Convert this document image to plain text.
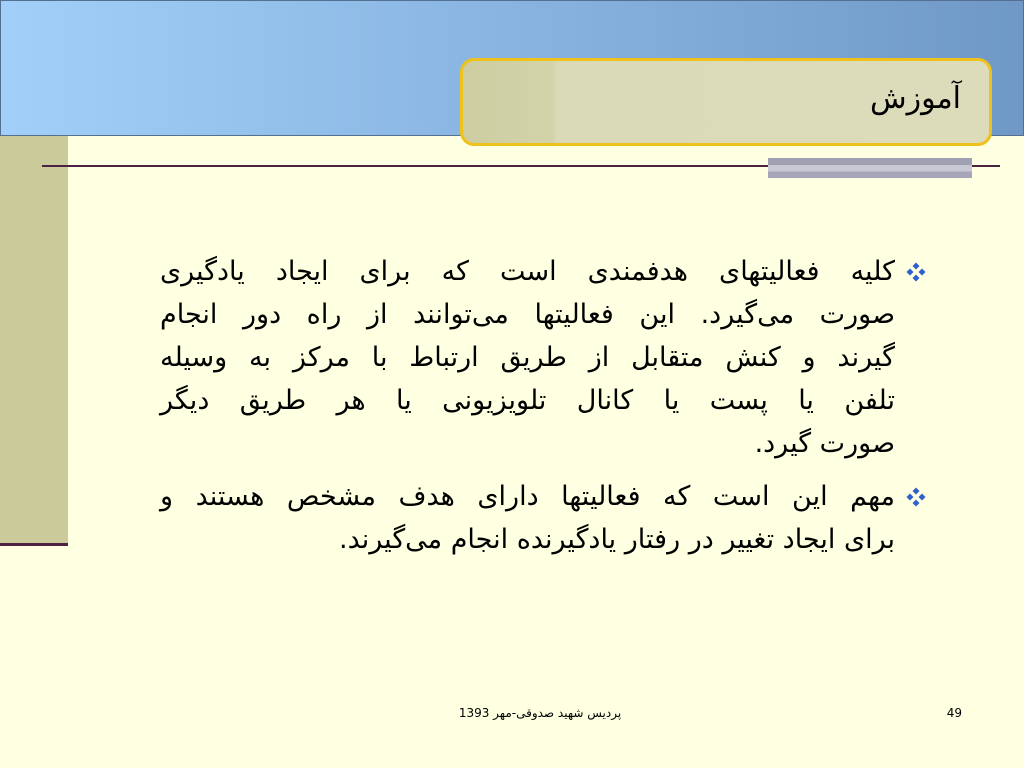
آموزش
کلیه فعالیتهای هدفمندی است که برای ایجاد یادگیری
صورت می‌گیرد. این فعالیتها می‌توانند از راه دور انجام
گیرند و کنش متقابل از طریق ارتباط با مرکز به وسیله
تلفن یا پست یا کانال تلویزیونی یا هر طریق دیگر
صورت گیرد.
مهم این است که فعالیتها دارای هدف مشخص هستند و
برای ایجاد تغییر در رفتار یادگیرنده انجام می‌گیرند.
پردیس شهید صدوقی-مهر 1393	49
